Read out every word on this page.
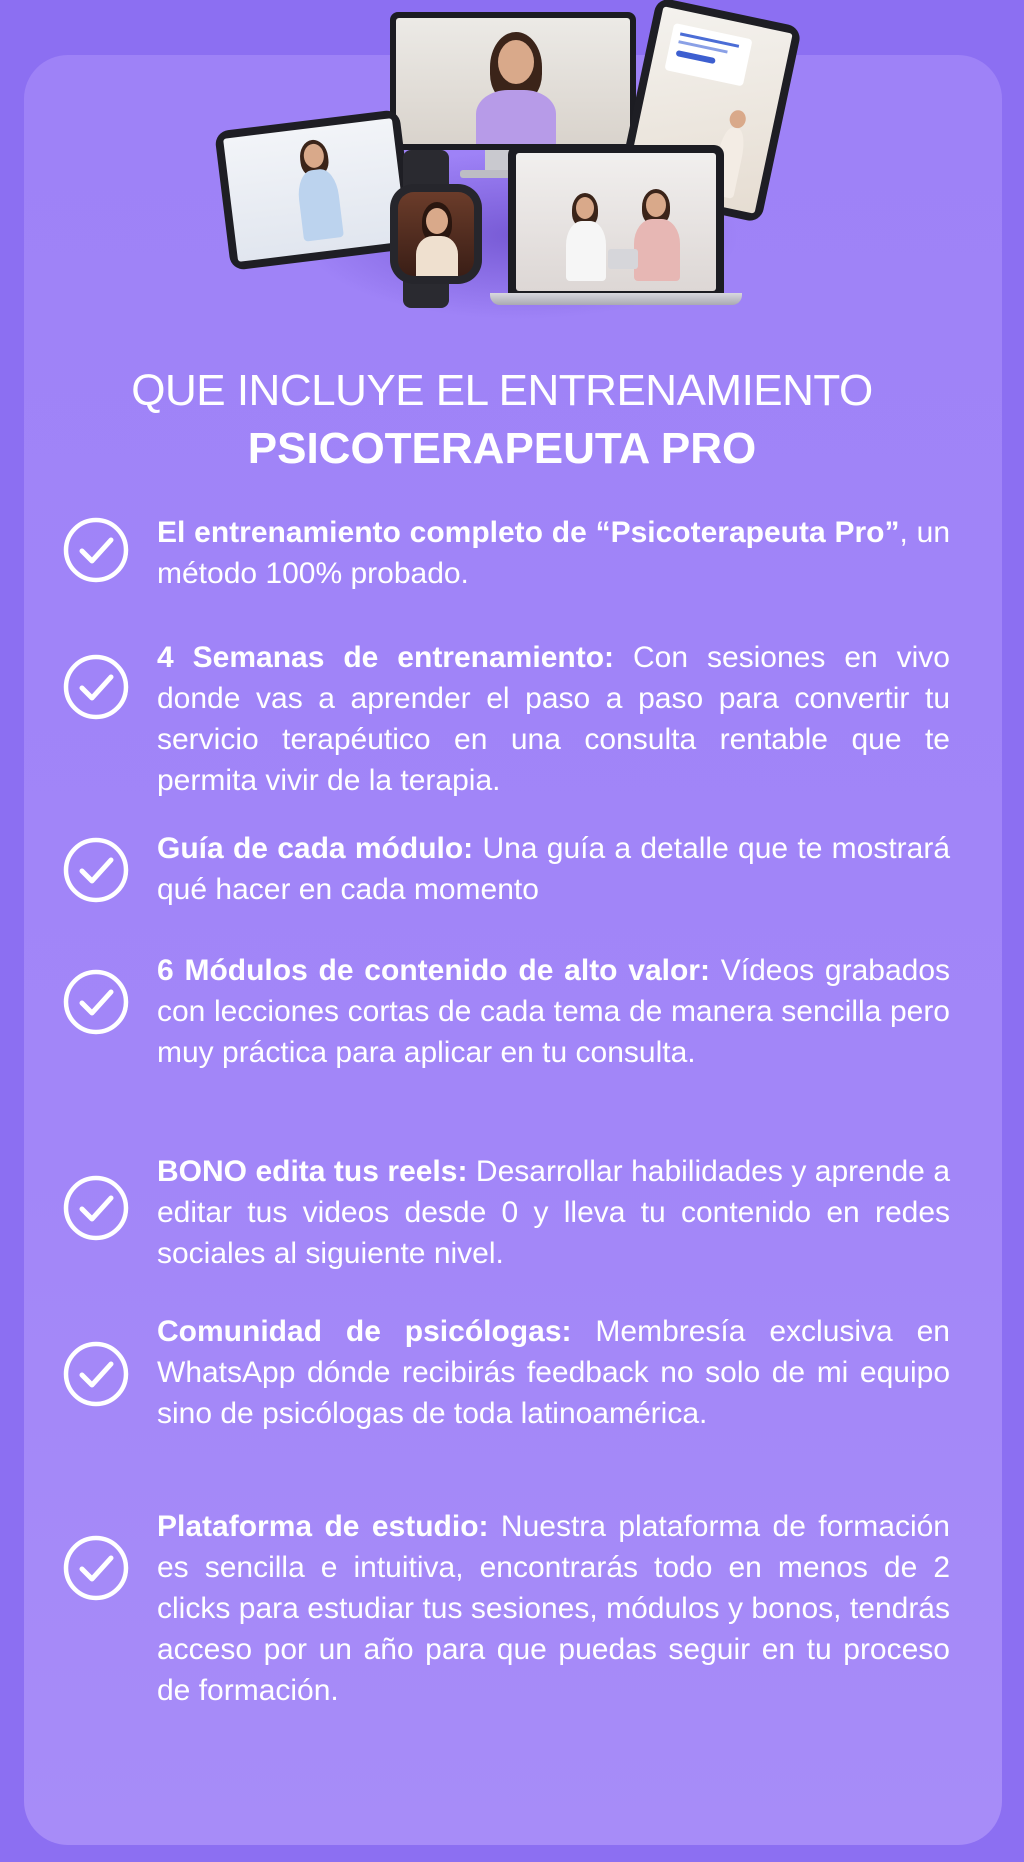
QUE INCLUYE EL ENTRENAMIENTO
PSICOTERAPEUTA PRO
El entrenamiento completo de “Psicoterapeuta Pro”, un método 100% probado.
4 Semanas de entrenamiento: Con sesiones en vivo donde vas a aprender el paso a paso para convertir tu servicio terapéutico en una consulta rentable que te permita vivir de la terapia.
Guía de cada módulo: Una guía a detalle que te mostrará qué hacer en cada momento
6 Módulos de contenido de alto valor: Vídeos grabados con lecciones cortas de cada tema de manera sencilla pero muy práctica para aplicar en tu consulta.
BONO edita tus reels: Desarrollar habilidades y aprende a editar tus videos desde 0 y lleva tu contenido en redes sociales al siguiente nivel.
Comunidad de psicólogas: Membresía exclusiva en WhatsApp dónde recibirás feedback no solo de mi equipo sino de psicólogas de toda latinoamérica.
Plataforma de estudio: Nuestra plataforma de formación es sencilla e intuitiva, encontrarás todo en menos de 2 clicks para estudiar tus sesiones, módulos y bonos, tendrás acceso por un año para que puedas seguir en tu proceso de formación.
